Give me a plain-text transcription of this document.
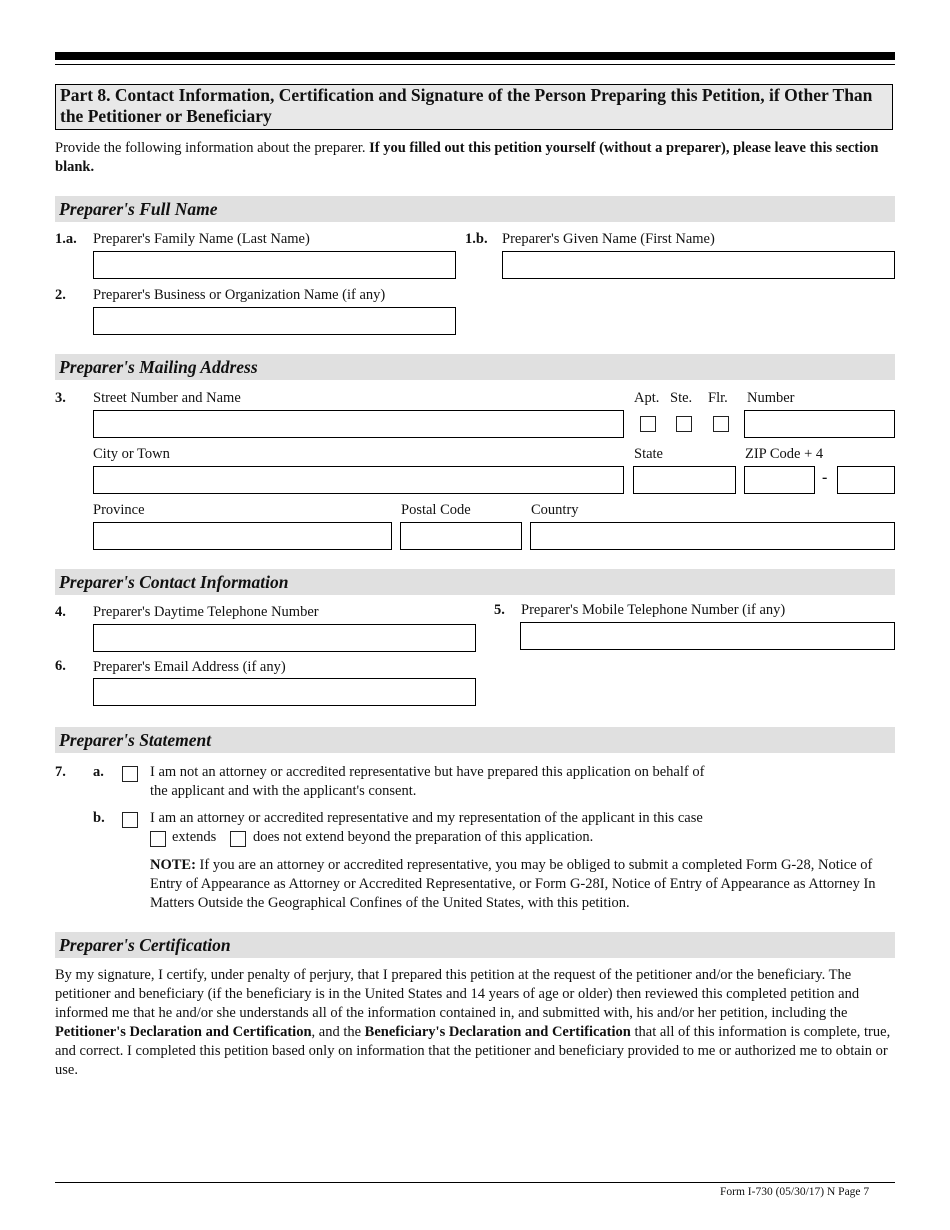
Part 8. Contact Information, Certification and Signature of the Person Preparing this Petition, if Other Than the Petitioner or Beneficiary
Provide the following information about the preparer. If you filled out this petition yourself (without a preparer), please leave this section blank.
Preparer's Full Name
1.a. Preparer's Family Name (Last Name)	1.b. Preparer's Given Name (First Name)
2. Preparer's Business or Organization Name (if any)
Preparer's Mailing Address
3. Street Number and Name	Apt. Ste. Flr. Number
City or Town	State	ZIP Code + 4
-
Province	Postal Code	Country
Preparer's Contact Information
4. Preparer's Daytime Telephone Number	5. Preparer's Mobile Telephone Number (if any)
6. Preparer's Email Address (if any)
Preparer's Statement
7. a.	I am not an attorney or accredited representative but have prepared this application on behalf of
the applicant and with the applicant's consent.
b.	I am an attorney or accredited representative and my representation of the applicant in this case
extends	does not extend beyond the preparation of this application.
NOTE: If you are an attorney or accredited representative, you may be obliged to submit a completed Form G-28, Notice of Entry of Appearance as Attorney or Accredited Representative, or Form G-28I, Notice of Entry of Appearance as Attorney In Matters Outside the Geographical Confines of the United States, with this petition.
Preparer's Certification
By my signature, I certify, under penalty of perjury, that I prepared this petition at the request of the petitioner and/or the beneficiary. The petitioner and beneficiary (if the beneficiary is in the United States and 14 years of age or older) then reviewed this completed petition and informed me that he and/or she understands all of the information contained in, and submitted with, his and/or her petition, including the Petitioner's Declaration and Certification, and the Beneficiary's Declaration and Certification that all of this information is complete, true, and correct. I completed this petition based only on information that the petitioner and beneficiary provided to me or authorized me to obtain or use.
Form I-730 (05/30/17) N Page 7
